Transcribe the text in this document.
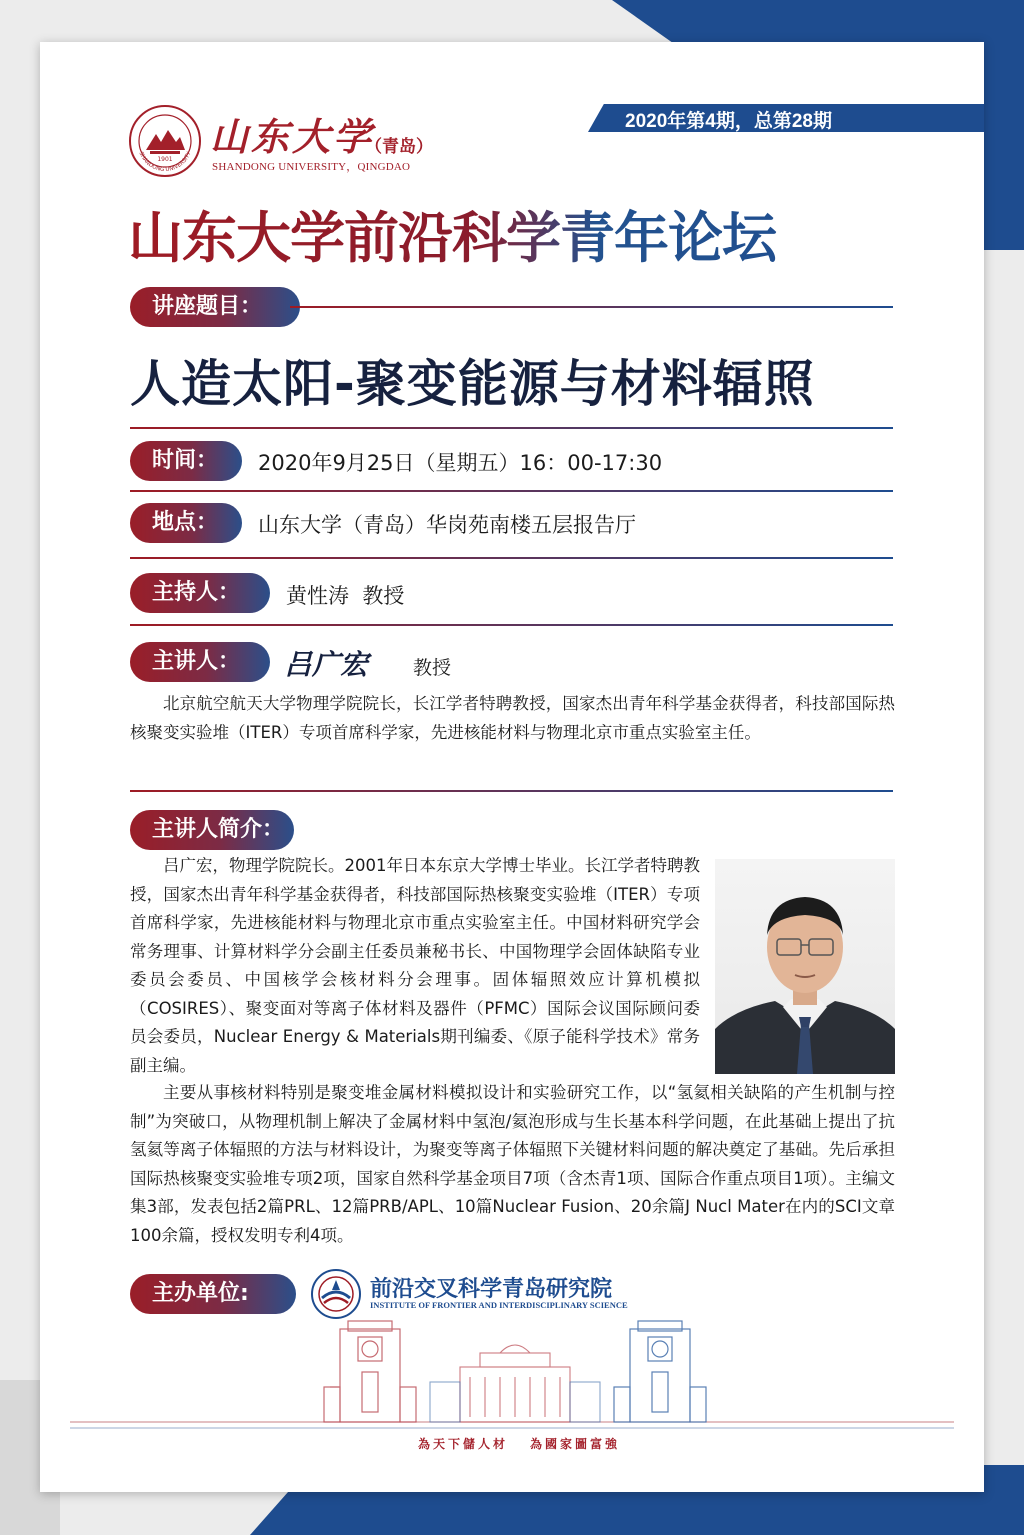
1901
SHANDONG UNIVERSITY 山东大学
（青岛）
SHANDONG UNIVERSITY，QINGDAO
2020年第4期，总第28期
山东大学前沿科学青年论坛
讲座题目：
人造太阳-聚变能源与材料辐照
时间：	2020年9月25日（星期五）16：00-17:30
地点：	山东大学（青岛）华岗苑南楼五层报告厅
主持人：	黄性涛  教授
主讲人：	吕广宏 教授
北京航空航天大学物理学院院长，长江学者特聘教授，国家杰出青年科学基金获得者，科技部国际热核聚变实验堆（ITER）专项首席科学家，先进核能材料与物理北京市重点实验室主任。
主讲人简介：
吕广宏，物理学院院长。2001年日本东京大学博士毕业。长江学者特聘教授，国家杰出青年科学基金获得者，科技部国际热核聚变实验堆（ITER）专项首席科学家，先进核能材料与物理北京市重点实验室主任。中国材料研究学会常务理事、计算材料学分会副主任委员兼秘书长、中国物理学会固体缺陷专业委员会委员、中国核学会核材料分会理事。固体辐照效应计算机模拟（COSIRES）、聚变面对等离子体材料及器件（PFMC）国际会议国际顾问委员会委员，Nuclear Energy & Materials期刊编委、《原子能科学技术》常务副主编。
主要从事核材料特别是聚变堆金属材料模拟设计和实验研究工作，以“氢氦相关缺陷的产生机制与控制”为突破口，从物理机制上解决了金属材料中氢泡/氦泡形成与生长基本科学问题，在此基础上提出了抗氢氦等离子体辐照的方法与材料设计，为聚变等离子体辐照下关键材料问题的解决奠定了基础。先后承担国际热核聚变实验堆专项2项，国家自然科学基金项目7项（含杰青1项、国际合作重点项目1项）。主编文集3部，发表包括2篇PRL、12篇PRB/APL、10篇Nuclear Fusion、20余篇J Nucl Mater在内的SCI文章100余篇，授权发明专利4项。
主办单位:	前沿交叉科学青岛研究院
INSTITUTE OF FRONTIER AND INTERDISCIPLINARY SCIENCE
為天下儲人材 為國家圖富強
